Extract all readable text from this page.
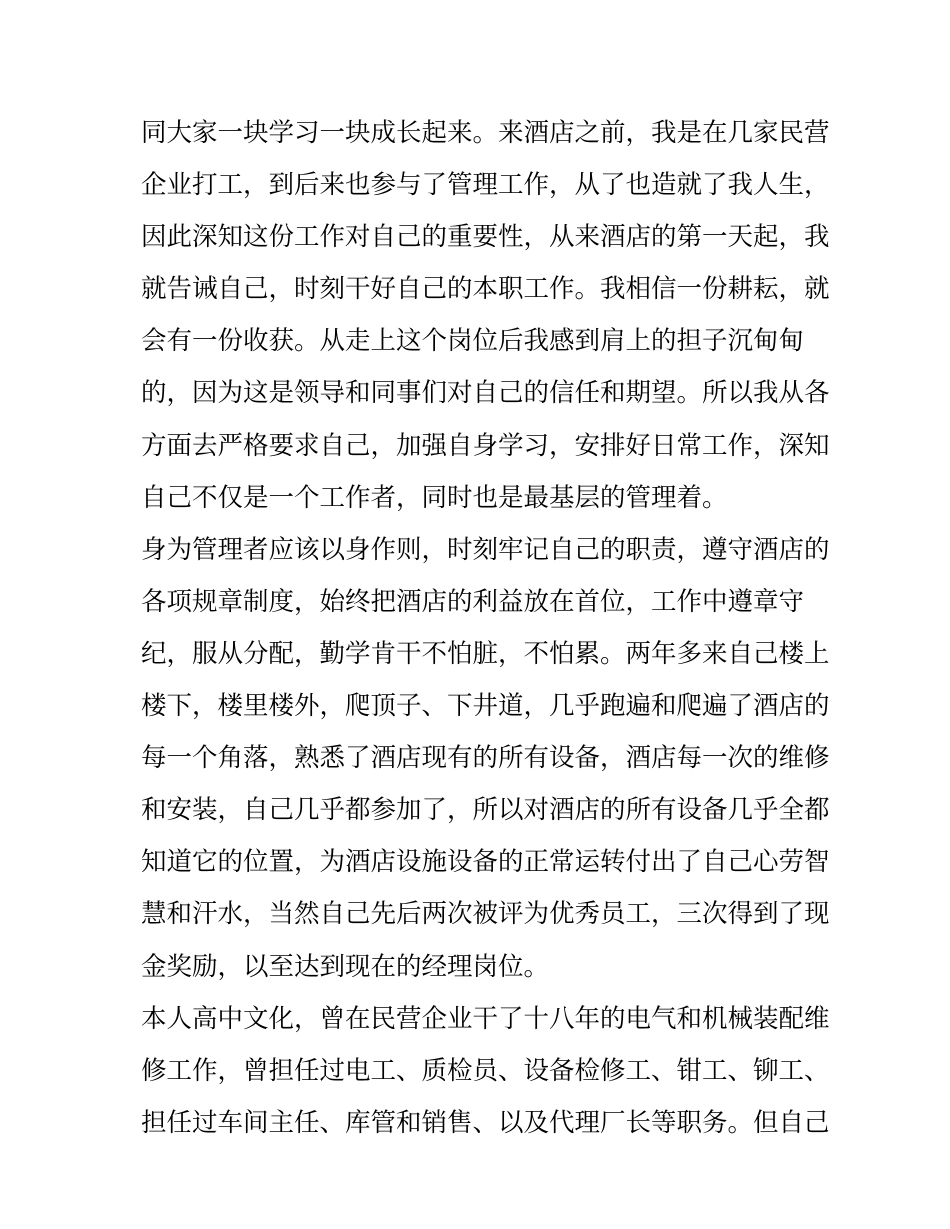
同大家一块学习一块成长起来。来酒店之前，我是在几家民营
企业打工，到后来也参与了管理工作，从了也造就了我人生，
因此深知这份工作对自己的重要性，从来酒店的第一天起，我
就告诫自己，时刻干好自己的本职工作。我相信一份耕耘，就
会有一份收获。从走上这个岗位后我感到肩上的担子沉甸甸
的，因为这是领导和同事们对自己的信任和期望。所以我从各
方面去严格要求自己，加强自身学习，安排好日常工作，深知
自己不仅是一个工作者，同时也是最基层的管理着。
身为管理者应该以身作则，时刻牢记自己的职责，遵守酒店的
各项规章制度，始终把酒店的利益放在首位，工作中遵章守
纪，服从分配，勤学肯干不怕脏，不怕累。两年多来自己楼上
楼下，楼里楼外，爬顶子、下井道，几乎跑遍和爬遍了酒店的
每一个角落，熟悉了酒店现有的所有设备，酒店每一次的维修
和安装，自己几乎都参加了，所以对酒店的所有设备几乎全都
知道它的位置，为酒店设施设备的正常运转付出了自己心劳智
慧和汗水，当然自己先后两次被评为优秀员工，三次得到了现
金奖励，以至达到现在的经理岗位。
本人高中文化，曾在民营企业干了十八年的电气和机械装配维
修工作，曾担任过电工、质检员、设备检修工、钳工、铆工、
担任过车间主任、库管和销售、以及代理厂长等职务。但自己
